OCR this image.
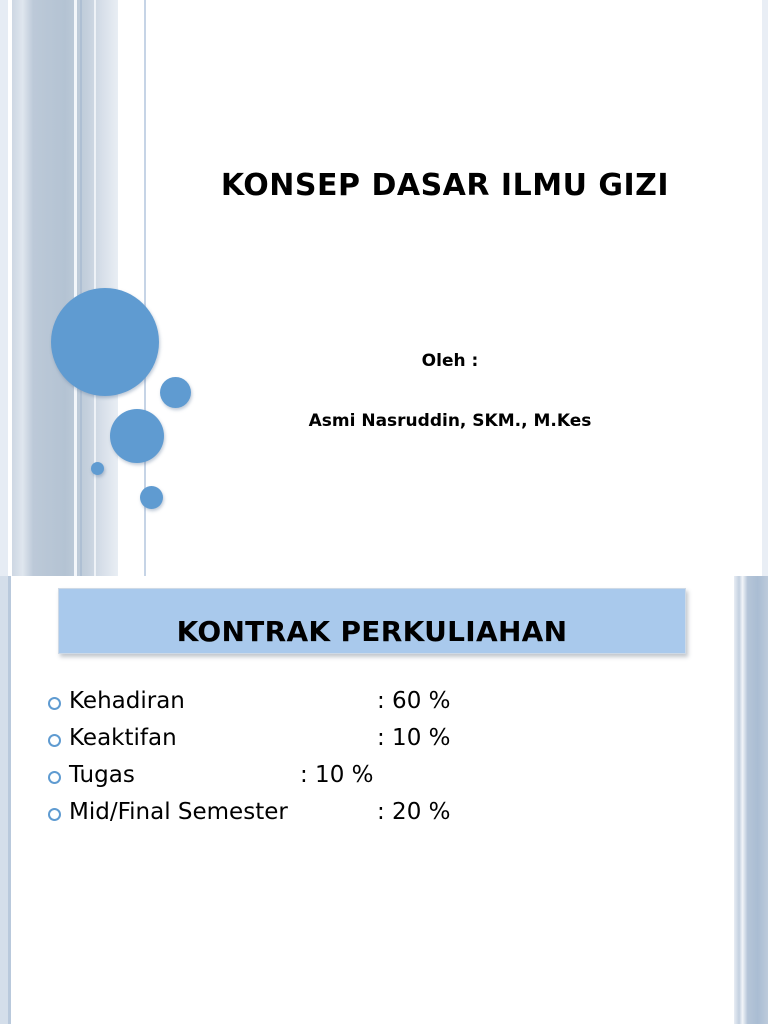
KONSEP DASAR ILMU GIZI
Oleh :
Asmi Nasruddin, SKM., M.Kes
KONTRAK PERKULIAHAN
Kehadiran	: 60 %
Keaktifan	: 10 %
Tugas	: 10 %
Mid/Final Semester	: 20 %
